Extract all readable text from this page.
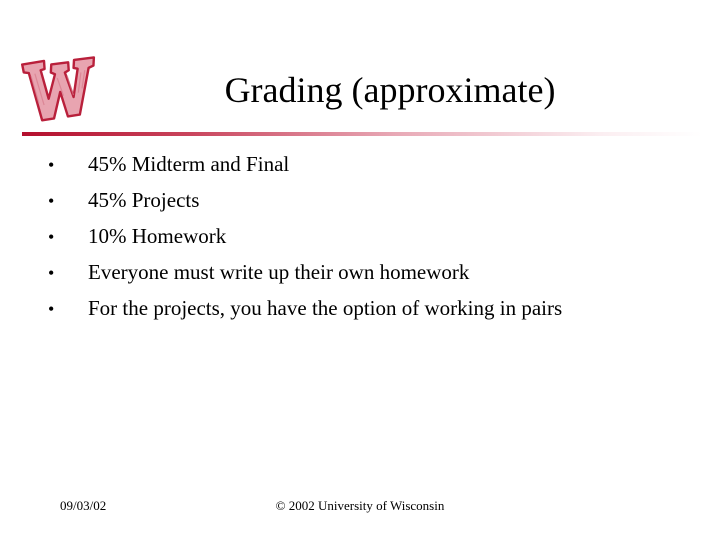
Grading (approximate)
•	45% Midterm and Final
•	45% Projects
•	10% Homework
•	Everyone must write up their own homework
•	For the projects, you have the option of working in pairs
09/03/02	© 2002 University of Wisconsin
